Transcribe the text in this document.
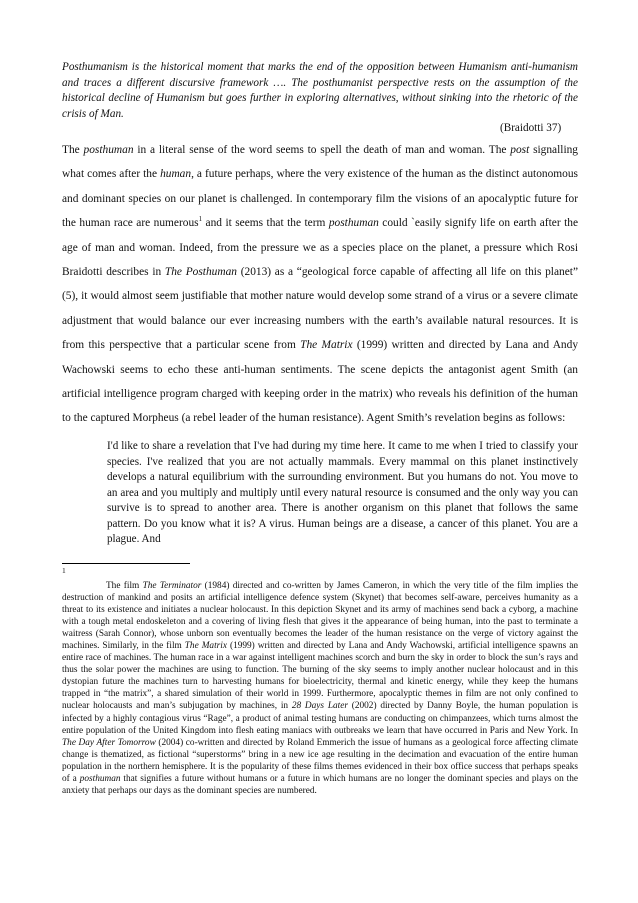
Posthumanism is the historical moment that marks the end of the opposition between Humanism anti-humanism and traces a different discursive framework …. The posthumanist perspective rests on the assumption of the historical decline of Humanism but goes further in exploring alternatives, without sinking into the rhetoric of the crisis of Man.
(Braidotti 37)

The posthuman in a literal sense of the word seems to spell the death of man and woman. The post signalling what comes after the human, a future perhaps, where the very existence of the human as the distinct autonomous and dominant species on our planet is challenged. In contemporary film the visions of an apocalyptic future for the human race are numerous$^1$ and it seems that the term posthuman could `easily signify life on earth after the age of man and woman. Indeed, from the pressure we as a species place on the planet, a pressure which Rosi Braidotti describes in The Posthuman (2013) as a “geological force capable of affecting all life on this planet” (5), it would almost seem justifiable that mother nature would develop some strand of a virus or a severe climate adjustment that would balance our ever increasing numbers with the earth’s available natural resources. It is from this perspective that a particular scene from The Matrix (1999) written and directed by Lana and Andy Wachowski seems to echo these anti-human sentiments. The scene depicts the antagonist agent Smith (an artificial intelligence program charged with keeping order in the matrix) who reveals his definition of the human to the captured Morpheus (a rebel leader of the human resistance). Agent Smith’s revelation begins as follows:

I'd like to share a revelation that I've had during my time here. It came to me when I tried to classify your species. I've realized that you are not actually mammals. Every mammal on this planet instinctively develops a natural equilibrium with the surrounding environment. But you humans do not. You move to an area and you multiply and multiply until every natural resource is consumed and the only way you can survive is to spread to another area. There is another organism on this planet that follows the same pattern. Do you know what it is? A virus. Human beings are a disease, a cancer of this planet. You are a plague. And
1
The film The Terminator (1984) directed and co-written by James Cameron, in which the very title of the film implies the destruction of mankind and posits an artificial intelligence defence system (Skynet) that becomes self-aware, perceives humanity as a threat to its existence and initiates a nuclear holocaust. In this depiction Skynet and its army of machines send back a cyborg, a machine with a tough metal endoskeleton and a covering of living flesh that gives it the appearance of being human, into the past to terminate a waitress (Sarah Connor), whose unborn son eventually becomes the leader of the human resistance on the verge of victory against the machines. Similarly, in the film The Matrix (1999) written and directed by Lana and Andy Wachowski, artificial intelligence spawns an entire race of machines. The human race in a war against intelligent machines scorch and burn the sky in order to block the sun’s rays and thus the solar power the machines are using to function. The burning of the sky seems to imply another nuclear holocaust and in this dystopian future the machines turn to harvesting humans for bioelectricity, thermal and kinetic energy, while they keep the humans trapped in “the matrix”, a shared simulation of their world in 1999. Furthermore, apocalyptic themes in film are not only confined to nuclear holocausts and man’s subjugation by machines, in 28 Days Later (2002) directed by Danny Boyle, the human population is infected by a highly contagious virus “Rage”, a product of animal testing humans are conducting on chimpanzees, which turns almost the entire population of the United Kingdom into flesh eating maniacs with outbreaks we learn that have occurred in Paris and New York. In The Day After Tomorrow (2004) co-written and directed by Roland Emmerich the issue of humans as a geological force affecting climate change is thematized, as fictional “superstorms” bring in a new ice age resulting in the decimation and evacuation of the entire human population in the northern hemisphere. It is the popularity of these films themes evidenced in their box office success that perhaps speaks of a posthuman that signifies a future without humans or a future in which humans are no longer the dominant species and plays on the anxiety that perhaps our days as the dominant species are numbered.
